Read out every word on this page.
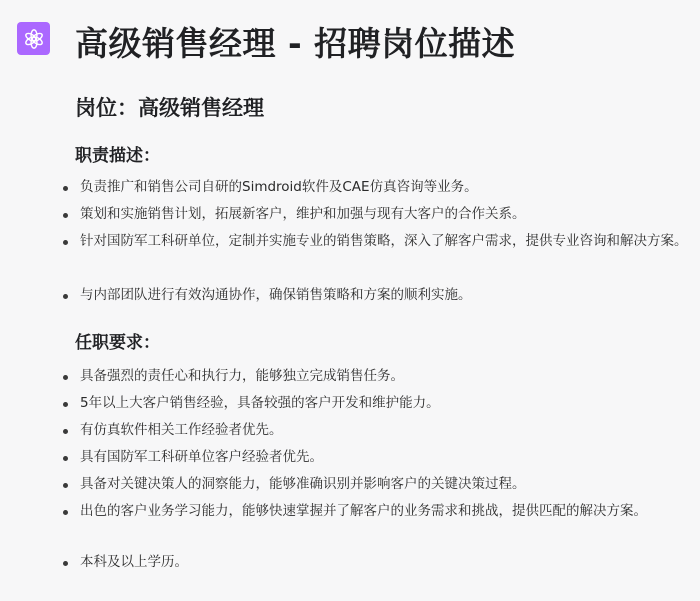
高级销售经理 - 招聘岗位描述
岗位：高级销售经理
职责描述：
负责推广和销售公司自研的Simdroid软件及CAE仿真咨询等业务。
策划和实施销售计划，拓展新客户，维护和加强与现有大客户的合作关系。
针对国防军工科研单位，定制并实施专业的销售策略，深入了解客户需求，提供专业咨询和解决方案。
与内部团队进行有效沟通协作，确保销售策略和方案的顺利实施。
任职要求：
具备强烈的责任心和执行力，能够独立完成销售任务。
5年以上大客户销售经验，具备较强的客户开发和维护能力。
有仿真软件相关工作经验者优先。
具有国防军工科研单位客户经验者优先。
具备对关键决策人的洞察能力，能够准确识别并影响客户的关键决策过程。
出色的客户业务学习能力，能够快速掌握并了解客户的业务需求和挑战，提供匹配的解决方案。
本科及以上学历。
